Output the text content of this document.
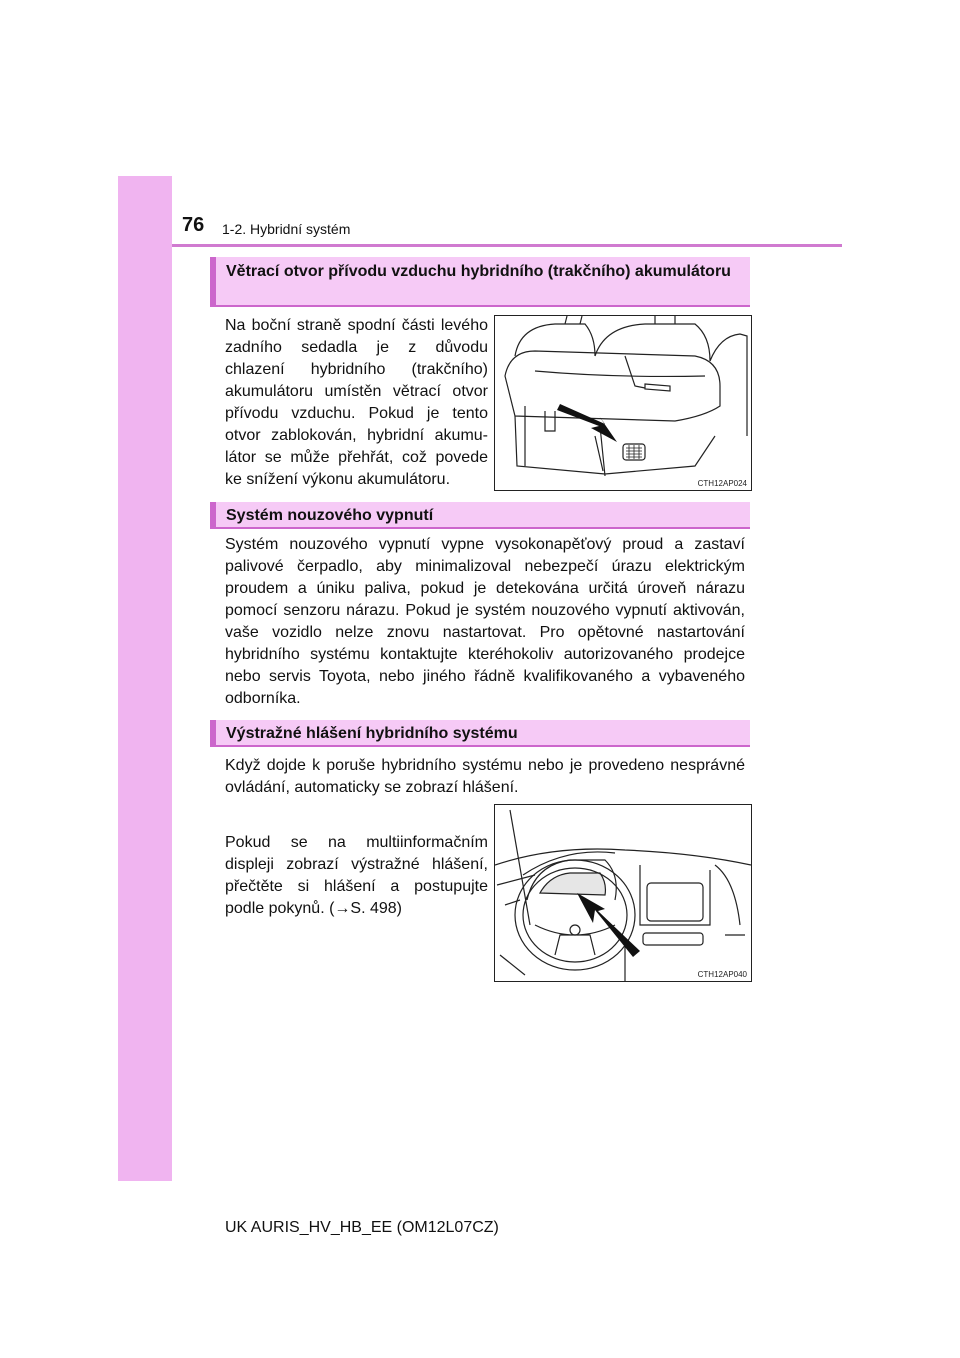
76 1-2. Hybridní systém
Větrací otvor přívodu vzduchu hybridního (trakčního) akumulátoru
Na boční straně spodní části levého zadního sedadla je z důvodu chlazení hybridního (trakčního) akumulátoru umístěn větrací otvor přívodu vzduchu. Pokud je tento otvor zablokován, hybridní akumulátor se může přehřát, což povede ke snížení výkonu akumulátoru.	CTH12AP024
Systém nouzového vypnutí
Systém nouzového vypnutí vypne vysokonapěťový proud a zastaví palivové čerpadlo, aby minimalizoval nebezpečí úrazu elektrickým proudem a úniku paliva, pokud je detekována určitá úroveň nárazu pomocí senzoru nárazu. Pokud je systém nouzového vypnutí aktivován, vaše vozidlo nelze znovu nastartovat. Pro opětovné nastartování hybridního systému kontaktujte kteréhokoliv autorizovaného prodejce nebo servis Toyota, nebo jiného řádně kvalifikovaného a vybaveného odborníka.
Výstražné hlášení hybridního systému
Když dojde k poruše hybridního systému nebo je provedeno nesprávné ovládání, automaticky se zobrazí hlášení.
Pokud se na multiinformačním displeji zobrazí výstražné hlášení, přečtěte si hlášení a postupujte podle pokynů. (→S. 498)
CTH12AP040
UK AURIS_HV_HB_EE (OM12L07CZ)
